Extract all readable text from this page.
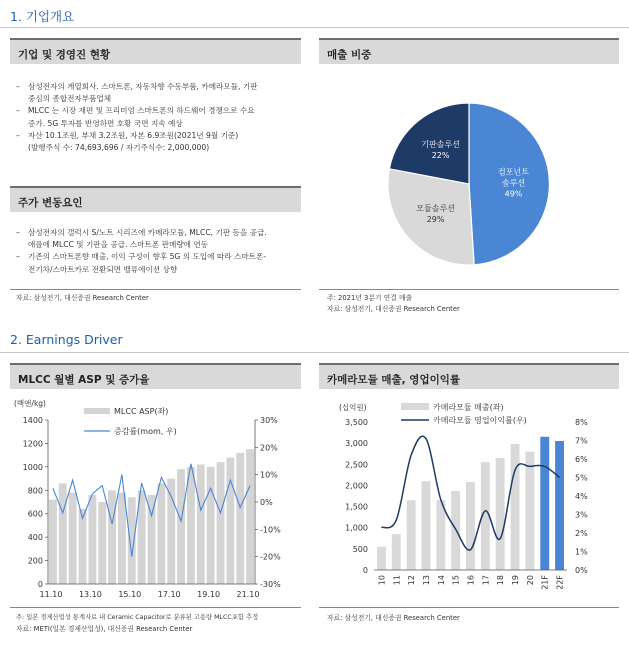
1. 기업개요
기업 및 경영진 현황
– 삼성전자의 계열회사. 스마트폰, 자동차향 수동부품, 카메라모듈, 기판
중심의 종합전자부품업체
– MLCC 는 시장 재편 및 프리미엄 스마트폰의 하드웨어 경쟁으로 수요
증가. 5G 투자를 반영하면 호황 국면 지속 예상
– 자산 10.1조원, 부채 3.2조원, 자본 6.9조원(2021년 9월 기준)
(발행주식 수: 74,693,696 / 자기주식수: 2,000,000)
주가 변동요인
– 삼성전자의 갤럭시 S/노트 시리즈에 카메라모듈, MLCC, 기판 등을 공급.
애플에 MLCC 및 기판을 공급. 스마트폰 판매량에 연동
– 기존의 스마트폰향 매출, 이익 구성이 향후 5G 의 도입에 따라 스마트폰-
전기차/스마트카로 전환되면 밸류에이션 상향
자료: 삼성전기, 대신증권 Research Center
매출 비중
컴포넌트
솔루션
49%
모듈솔루션
29%
기판솔루션
22%
주: 2021년 3분기 연결 매출
자료: 삼성전기, 대신증권 Research Center
2. Earnings Driver
MLCC 월별 ASP 및 증가율
(백엔/kg)
0
200
400
600
800
1000
1200
1400
-30%
-20%
-10%
0%
10%
20%
30%
11.10 13.10 15.10 17.10 19.10 21.10
MLCC ASP(좌)
증감률(mom, 우)
주: 일본 경제산업성 통계자료 내 Ceramic Capacitor로 분류된 고용량 MLCC포함 추정
자료: METI(일본 경제산업성), 대신증권 Research Center
카메라모듈 매출, 영업이익률
(십억원)
0
500
1,000
1,500
2,000
2,500
3,000
3,500
0%
1%
2%
3%
4%
5%
6%
7%
8%
10 11 12 13 14 15 16 17 18 19 20 21F 22F
카메라모듈 매출(좌)
카메라모듈 영업이익률(우)
자료: 삼성전기, 대신증권 Research Center
